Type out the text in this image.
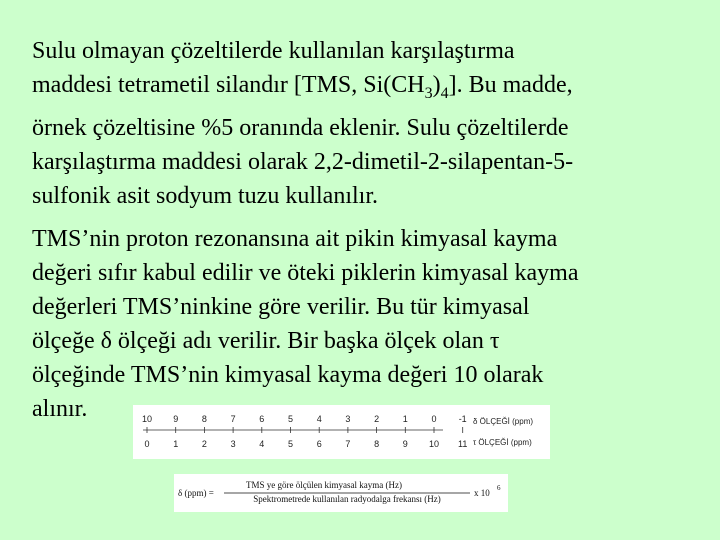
Sulu olmayan çözeltilerde kullanılan karşılaştırma
maddesi tetrametil silandır [TMS, $Si(CH_3)_4$]. Bu madde,
örnek çözeltisine %5 oranında eklenir. Sulu çözeltilerde
karşılaştırma maddesi olarak 2,2-dimetil-2-silapentan-5-
sulfonik asit sodyum tuzu kullanılır.
TMS’nin proton rezonansına ait pikin kimyasal kayma
değeri sıfır kabul edilir ve öteki piklerin kimyasal kayma
değerleri TMS’ninkine göre verilir. Bu tür kimyasal
ölçeğe δ ölçeği adı verilir. Bir başka ölçek olan τ
ölçeğinde TMS’nin kimyasal kayma değeri 10 olarak
alınır.	10 9	8	7	6	5	4	3	2	1	0 -1
0	1	2	3	4	5	6	7	8	9 10 11
δ ÖLÇEĞİ (ppm)
τ ÖLÇEĞİ (ppm)
δ (ppm) =
TMS ye göre ölçülen kimyasal kayma (Hz)
Spektrometrede kullanılan radyodalga frekansı (Hz)
x 10 6
